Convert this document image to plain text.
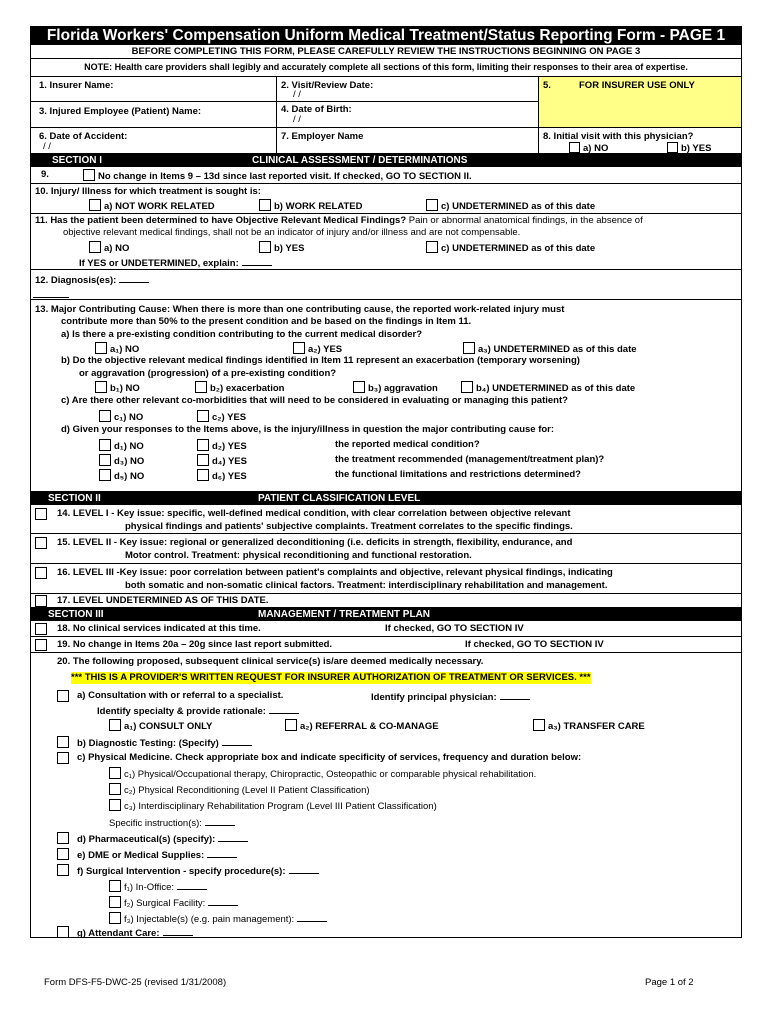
Florida Workers' Compensation Uniform Medical Treatment/Status Reporting Form - PAGE 1
BEFORE COMPLETING THIS FORM, PLEASE CAREFULLY REVIEW THE INSTRUCTIONS BEGINNING ON PAGE 3
NOTE: Health care providers shall legibly and accurately complete all sections of this form, limiting their responses to their area of expertise.
1. Insurer Name:	2. Visit/Review Date:
/ /
5.	FOR INSURER USE ONLY
3. Injured Employee (Patient) Name:	4. Date of Birth:
/ /
6. Date of Accident:
/ /
7. Employer Name	8. Initial visit with this physician?
a) NO	b) YES
SECTION I	CLINICAL ASSESSMENT / DETERMINATIONS
9.	No change in Items 9 – 13d since last reported visit. If checked, GO TO SECTION II.
10. Injury/ Illness for which treatment is sought is:
a) NOT WORK RELATED	b) WORK RELATED	c) UNDETERMINED as of this date
11. Has the patient been determined to have Objective Relevant Medical Findings? Pain or abnormal anatomical findings, in the absence of
objective relevant medical findings, shall not be an indicator of injury and/or illness and are not compensable.
a) NO	b) YES	c) UNDETERMINED as of this date
If YES or UNDETERMINED, explain:
12. Diagnosis(es):
13. Major Contributing Cause: When there is more than one contributing cause, the reported work-related injury must
contribute more than 50% to the present condition and be based on the findings in Item 11.
a) Is there a pre-existing condition contributing to the current medical disorder?
a₁) NO	a₂) YES	a₃) UNDETERMINED as of this date
b) Do the objective relevant medical findings identified in Item 11 represent an exacerbation (temporary worsening)
or aggravation (progression) of a pre-existing condition?
b₁) NO	b₂) exacerbation	b₃) aggravation	b₄) UNDETERMINED as of this date
c) Are there other relevant co-morbidities that will need to be considered in evaluating or managing this patient?
c₁) NO	c₂) YES
d) Given your responses to the Items above, is the injury/illness in question the major contributing cause for:
d₁) NO	d₂) YES	the reported medical condition?
d₃) NO	d₄) YES	the treatment recommended (management/treatment plan)?
d₅) NO	d₆) YES	the functional limitations and restrictions determined?
SECTION II	PATIENT CLASSIFICATION LEVEL
14. LEVEL I - Key issue: specific, well-defined medical condition, with clear correlation between objective relevant
physical findings and patients' subjective complaints. Treatment correlates to the specific findings.
15. LEVEL II - Key issue: regional or generalized deconditioning (i.e. deficits in strength, flexibility, endurance, and
Motor control. Treatment: physical reconditioning and functional restoration.
16. LEVEL III -Key issue: poor correlation between patient's complaints and objective, relevant physical findings, indicating
both somatic and non-somatic clinical factors. Treatment: interdisciplinary rehabilitation and management.
17. LEVEL UNDETERMINED AS OF THIS DATE.
SECTION III	MANAGEMENT / TREATMENT PLAN
18. No clinical services indicated at this time.	If checked, GO TO SECTION IV
19. No change in Items 20a – 20g since last report submitted.	If checked, GO TO SECTION IV
20. The following proposed, subsequent clinical service(s) is/are deemed medically necessary.
*** THIS IS A PROVIDER'S WRITTEN REQUEST FOR INSURER AUTHORIZATION OF TREATMENT OR SERVICES. ***
a) Consultation with or referral to a specialist.	Identify principal physician:
Identify specialty & provide rationale:
a₁) CONSULT ONLY	a₂) REFERRAL & CO-MANAGE	a₃) TRANSFER CARE
b) Diagnostic Testing: (Specify)
c) Physical Medicine. Check appropriate box and indicate specificity of services, frequency and duration below:
c₁) Physical/Occupational therapy, Chiropractic, Osteopathic or comparable physical rehabilitation.
c₂) Physical Reconditioning (Level II Patient Classification)
c₃) Interdisciplinary Rehabilitation Program (Level III Patient Classification)
Specific instruction(s):
d) Pharmaceutical(s) (specify):
e) DME or Medical Supplies:
f) Surgical Intervention - specify procedure(s):
f₁) In-Office:
f₂) Surgical Facility:
f₃) Injectable(s) (e.g. pain management):
g) Attendant Care:
Form DFS-F5-DWC-25 (revised 1/31/2008)	Page 1 of 2
